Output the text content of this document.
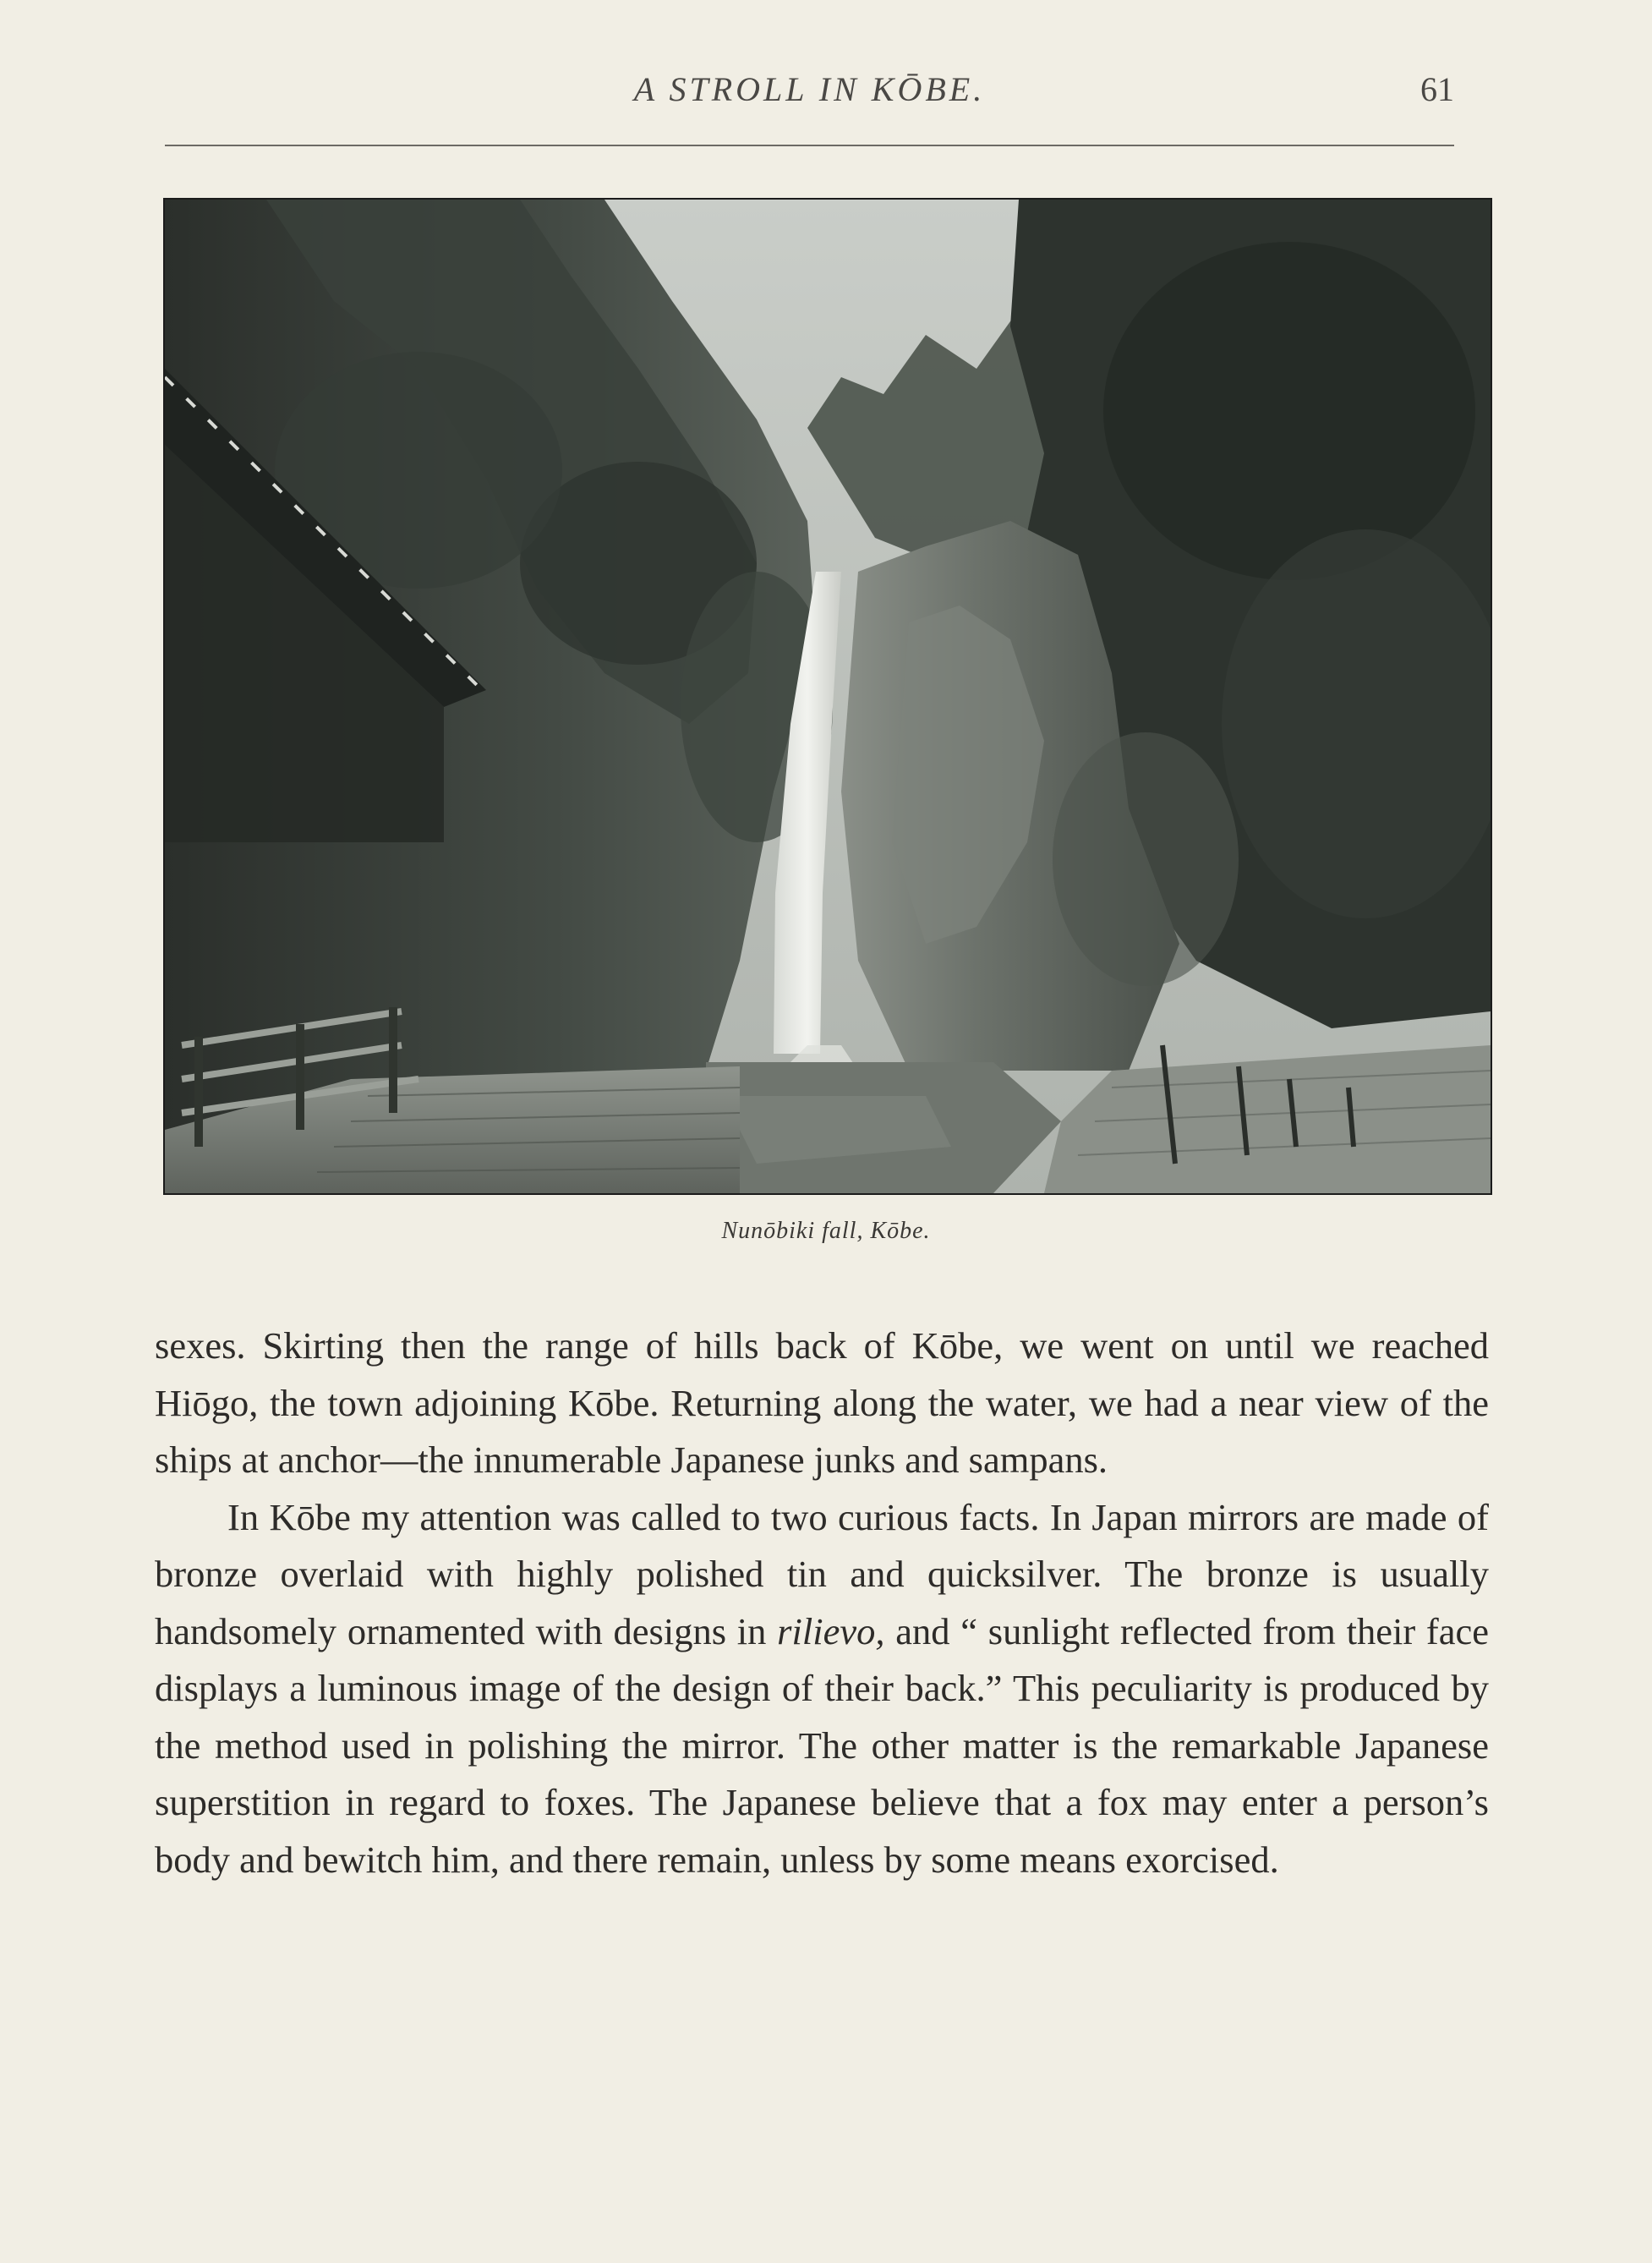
A STROLL IN KŌBE.	61
Nunōbiki fall, Kōbe.

sexes. Skirting then the range of hills back of Kōbe, we went on until we reached Hiōgo, the town adjoining Kōbe. Returning along the water, we had a near view of the ships at anchor—the innumerable Japanese junks and sampans.

In Kōbe my attention was called to two curious facts. In Japan mirrors are made of bronze overlaid with highly polished tin and quicksilver. The bronze is usually handsomely ornamented with designs in rilievo, and “ sunlight reflected from their face displays a luminous image of the design of their back.” This peculiarity is produced by the method used in polishing the mirror. The other matter is the remarkable Japanese superstition in regard to foxes. The Japanese believe that a fox may enter a person’s body and bewitch him, and there remain, unless by some means exorcised.
